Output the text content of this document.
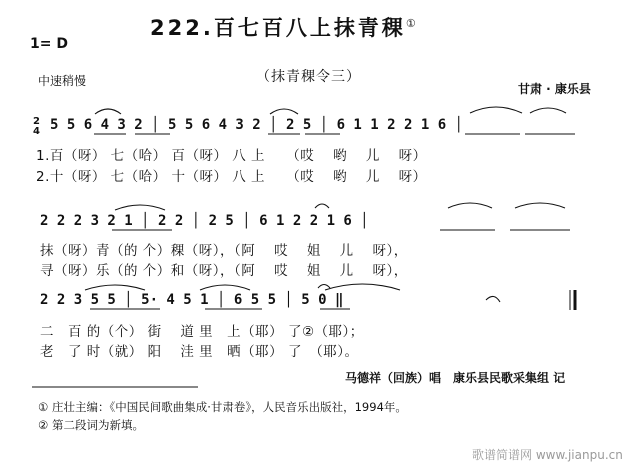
222.百七百八上抹青稞①
1= D
中速稍慢	（抹青稞令三）
甘肃 · 康乐县
2
4 5 5 6 4 3 2 │ 5 5 6 4 3 2 │ 2 5 │ 6 1 1 2 2 1 6 │
1.百（呀） 七（哈） 百（呀） 八 上　　（哎　 哟　 儿　 呀）
2.十（呀） 七（哈） 十（呀） 八 上　　（哎　 哟　 儿　 呀）
2 2 2 3 2 1 │ 2 2 │ 2 5 │ 6 1 2 2 1 6 │
抹（呀）青（的 个）稞（呀），（阿　 哎　 姐　 儿　 呀），
寻（呀）乐（的 个）和（呀），（阿　 哎　 姐　 儿　 呀），
2 2 3 5 5 │ 5· 4 5 1 │ 6 5 5 │ 5 0 ‖
二　百 的（个） 街　 道 里　上（耶） 了②（耶）；
老　了 时（就） 阳　 洼 里　晒（耶） 了　（耶）。
马德祥（回族）唱　康乐县民歌采集组 记
① 庄壮主编：《中国民间歌曲集成·甘肃卷》，人民音乐出版社，1994年。
② 第二段词为新填。
歌谱简谱网 www.jianpu.cn
